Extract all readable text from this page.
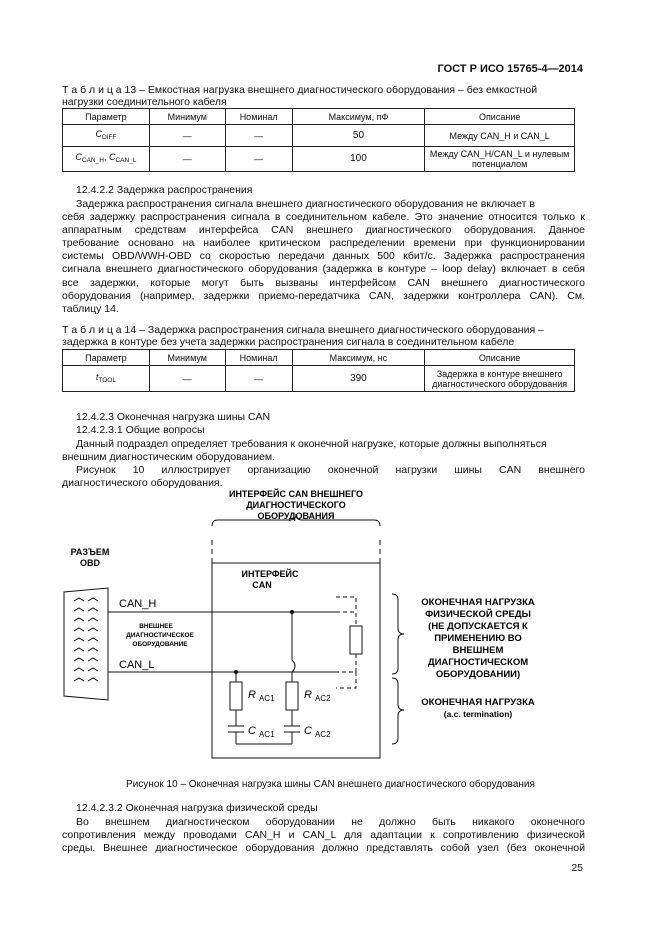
ГОСТ Р ИСО 15765-4—2014
Т а б л и ц а 13 – Емкостная нагрузка внешнего диагностического оборудования – без емкостной
нагрузки соединительного кабеля
Параметр	Минимум	Номинал	Максимум, пФ	Описание
$C_{DIFF}$	—	—	50	Между CAN_H и CAN_L
$C_{CAN\_H}$, $C_{CAN\_L}$	—	—	100	Между CAN_H/CAN_L и нулевым
потенциалом
12.4.2.2 Задержка распространения
Задержка распространения сигнала внешнего диагностического оборудования не включает в
себя задержку распространения сигнала в соединительном кабеле. Это значение относится только к
аппаратным средствам интерфейса CAN внешнего диагностического оборудования. Данное
требование основано на наиболее критическом распределении времени при функционировании
системы OBD/WWH-OBD со скоростью передачи данных 500 кбит/с. Задержка распространения
сигнала внешнего диагностического оборудования (задержка в контуре – loop delay) включает в себя
все задержки, которые могут быть вызваны интерфейсом CAN внешнего диагностического
оборудования (например, задержки приемо-передатчика CAN, задержки контроллера CAN). См.
таблицу 14.
Т а б л и ц а 14 – Задержка распространения сигнала внешнего диагностического оборудования –
задержка в контуре без учета задержки распространения сигнала в соединительном кабеле
Параметр	Минимум	Номинал	Максимум, нс	Описание
$t_{TOOL}$	—	—	390	Задержка в контуре внешнего
диагностического оборудования
12.4.2.3 Оконечная нагрузка шины CAN
12.4.2.3.1 Общие вопросы
Данный подраздел определяет требования к оконечной нагрузке, которые должны выполняться
внешним диагностическим оборудованием.
Рисунок 10 иллюстрирует организацию оконечной нагрузки шины CAN внешнего
диагностического оборудования.
ИНТЕРФЕЙС CAN ВНЕШНЕГО
ДИАГНОСТИЧЕСКОГО
ОБОРУДОВАНИЯ
РАЗЪЕМ
OBD
ИНТЕРФЕЙС
CAN
CAN_H
CAN_L
ВНЕШНЕЕ
ДИАГНОСТИЧЕСКОЕ
ОБОРУДОВАНИЕ
R $_{AC1}$	R $_{AC2}$
C $_{AC1}$	C $_{AC2}$
ОКОНЕЧНАЯ НАГРУЗКА
ФИЗИЧЕСКОЙ СРЕДЫ
(НЕ ДОПУСКАЕТСЯ К
ПРИМЕНЕНИЮ ВО
ВНЕШНЕМ
ДИАГНОСТИЧЕСКОМ
ОБОРУДОВАНИИ)
ОКОНЕЧНАЯ НАГРУЗКА
(a.c. termination)
Рисунок 10 – Оконечная нагрузка шины CAN внешнего диагностического оборудования
12.4.2.3.2 Оконечная нагрузка физической среды
Во внешнем диагностическом оборудовании не должно быть никакого оконечного
сопротивления между проводами CAN_H и CAN_L для адаптации к сопротивлению физической
среды. Внешнее диагностическое оборудования должно представлять собой узел (без оконечной
25
